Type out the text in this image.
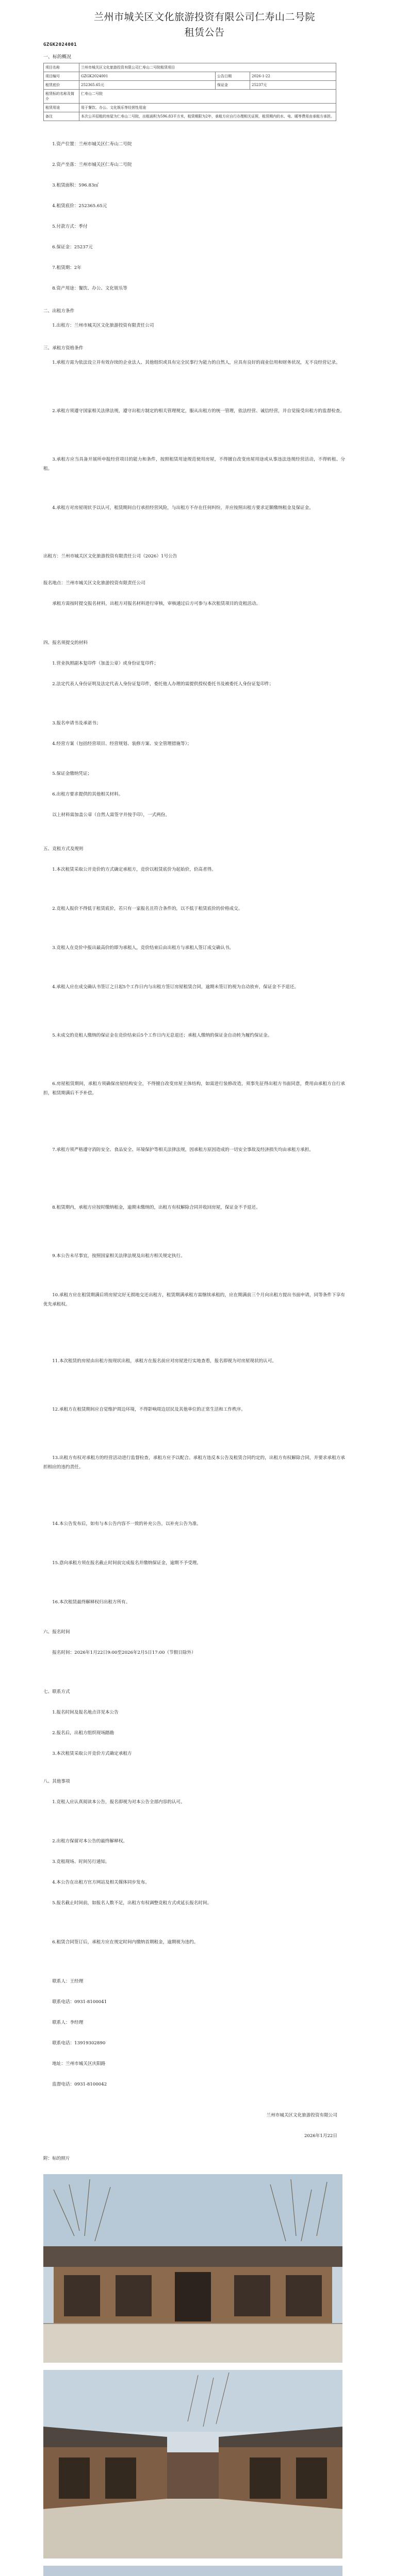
兰州市城关区文化旅游投资有限公司仁寿山二号院
租赁公告
GZGK2024001
一、标的概况
项目名称	兰州市城关区文化旅游投资有限公司仁寿山二号院租赁项目		
项目编号	GZGK2024001	公告日期	2026-1-22
租赁底价	252365.65元	保证金	25237元
租赁标的名称及简介	仁寿山二号院		
租赁用途	用于餐饮、办公、文化娱乐等经营性用途		
备注	本次公开招租的房屋为仁寿山二号院，出租面积为596.83平方米，租赁期限为2年，承租方应自行办理相关证照，租赁期内的水、电、暖等费用由承租方承担。		
1.资产位置：兰州市城关区仁寿山二号院
2.资产坐落：兰州市城关区仁寿山二号院
3.租赁面积：596.83㎡
4.租赁底价：252365.65元
5.付款方式：季付
6.保证金：25237元
7.租赁期：2年
8.资产用途：餐饮、办公、文化娱乐等
二、出租方条件
1.出租方：兰州市城关区文化旅游投资有限责任公司
三、承租方资格条件
1.承租方需为依法设立并有效存续的企业法人、其他组织或具有完全民事行为能力的自然人，应具有良好的商业信用和财务状况，无不良经营记录。
2.承租方须遵守国家相关法律法规，遵守出租方制定的相关管理规定，服从出租方的统一管理，依法经营、诚信经营，并自觉接受出租方的监督检查。
3.承租方应当具备开展所申报经营项目的能力和条件，按照租赁用途规范使用房屋，不得擅自改变房屋用途或从事违法违规经营活动，不得转租、分租。
4.承租方对房屋现状予以认可，租赁期间自行承担经营风险，与出租方不存在任何纠纷，并应按照出租方要求足额缴纳租金及保证金。
出租方：兰州市城关区文化旅游投资有限责任公司（2026）1号公告
报名地点：兰州市城关区文化旅游投资有限责任公司
承租方需按时提交报名材料，出租方对报名材料进行审核，审核通过后方可参与本次租赁项目的竞租活动。
四、报名须提交的材料
1.营业执照副本复印件（加盖公章）或身份证复印件；
2.法定代表人身份证明及法定代表人身份证复印件，委托他人办理的需提供授权委托书及被委托人身份证复印件；
3.报名申请书及承诺书；
4.经营方案（包括经营项目、经营规划、装修方案、安全管理措施等）；
5.保证金缴纳凭证；
6.出租方要求提供的其他相关材料。
以上材料需加盖公章（自然人需签字并按手印），一式两份。
五、竞租方式及规则
1.本次租赁采取公开竞价的方式确定承租方，竞价以租赁底价为起始价，价高者得。
2.竞租人报价不得低于租赁底价，若只有一家报名且符合条件的，以不低于租赁底价的价格成交。
3.竞租人在竞价中报出最高价的即为承租人，竞价结束后由出租方与承租人签订成交确认书。
4.承租人应在成交确认书签订之日起5个工作日内与出租方签订房屋租赁合同，逾期未签订的视为自动放弃，保证金不予退还。
5.未成交的竞租人缴纳的保证金在竞价结束后5个工作日内无息退还；承租人缴纳的保证金自动转为履约保证金。
6.房屋租赁期间，承租方须确保房屋结构安全，不得擅自改变房屋主体结构，如需进行装修改造，须事先征得出租方书面同意，费用由承租方自行承担，租赁期满后不予补偿。
7.承租方须严格遵守消防安全、食品安全、环境保护等相关法律法规，因承租方原因造成的一切安全事故及经济损失均由承租方承担。
8.租赁期内，承租方应按时缴纳租金，逾期未缴纳的，出租方有权解除合同并收回房屋，保证金不予退还。
9.本公告未尽事宜，按照国家相关法律法规及出租方相关规定执行。
10.承租方应在租赁期满后将房屋完好无损地交还出租方，租赁期满承租方需继续承租的，应在期满前三个月向出租方提出书面申请，同等条件下享有优先承租权。
11.本次租赁的房屋由出租方按现状出租，承租方在报名前应对房屋进行实地查看，报名即视为对房屋现状的认可。
12.承租方在租赁期间应自觉维护周边环境，不得影响周边居民及其他单位的正常生活和工作秩序。
13.出租方有权对承租方的经营活动进行监督检查，承租方应予以配合。承租方违反本公告及租赁合同约定的，出租方有权解除合同，并要求承租方承担相应的违约责任。
14.本公告发布后，如有与本公告内容不一致的补充公告，以补充公告为准。
15.意向承租方须在报名截止时间前完成报名并缴纳保证金，逾期不予受理。
16.本次租赁最终解释权归出租方所有。
六、报名时间
报名时间：2026年1月22日9:00至2026年2月5日17:00（节假日除外）
七、联系方式
1.报名时间及报名地点详见本公告
2.报名后，出租方组织现场踏勘
3.本次租赁采取公开竞价方式确定承租方
八、其他事项
1.竞租人应认真阅读本公告，报名即视为对本公告全部内容的认可。
2.出租方保留对本公告的最终解释权。
3.竞租现场、时间另行通知。
4.本公告在出租方官方网站及相关媒体同步发布。
5.报名截止时间前，如报名人数不足，出租方有权调整竞租方式或延长报名时间。
6.租赁合同签订后，承租方应在规定时间内缴纳首期租金，逾期视为违约。
联系人：王经理
联系电话：0931-8100041
联系人：李经理
联系电话：13919302890
地址：兰州市城关区庆阳路
监督电话：0931-8100042
兰州市城关区文化旅游投资有限公司
2026年1月22日
附：标的照片
